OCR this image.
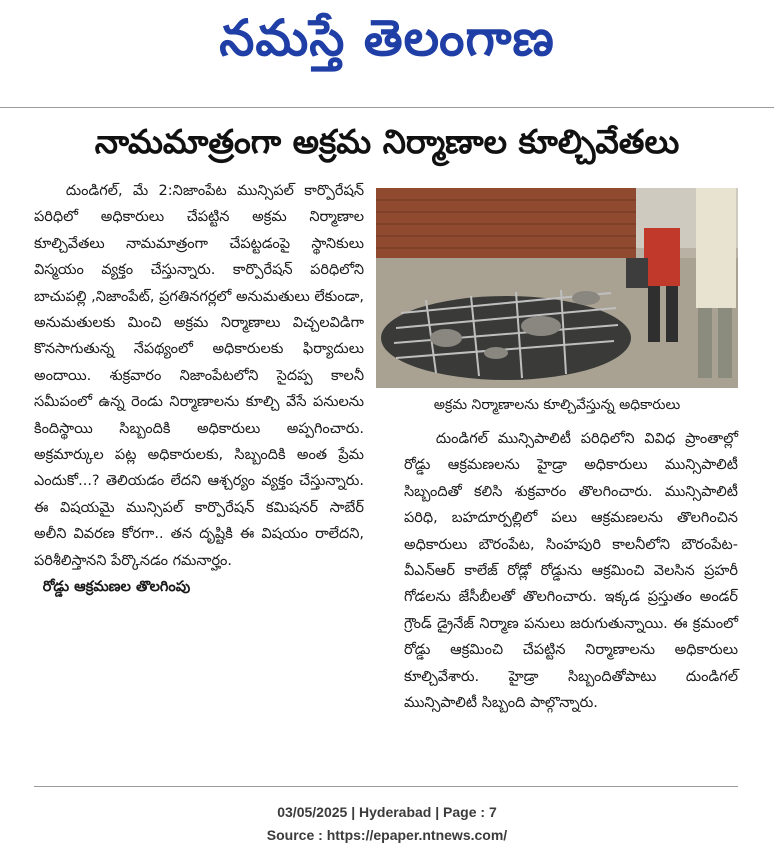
నమస్తే తెలంగాణ
నామమాత్రంగా అక్రమ నిర్మాణాల కూల్చివేతలు
అక్రమ నిర్మాణాలను కూల్చివేస్తున్న అధికారులు

దుండిగల్, మే 2:నిజాంపేట మున్సిపల్ కార్పొరేషన్ పరిధిలో అధికారులు చేపట్టిన అక్రమ నిర్మాణాల కూల్చివేతలు నామమాత్రంగా చేపట్టడంపై స్థానికులు విస్మయం వ్యక్తం చేస్తున్నారు. కార్పొరేషన్ పరిధిలోని బాచుపల్లి ,నిజాంపేట్, ప్రగతినగర్లలో అనుమతులు లేకుండా, అనుమతులకు మించి అక్రమ నిర్మాణాలు విచ్చలవిడిగా కొనసాగుతున్న నేపథ్యంలో అధికారులకు ఫిర్యాదులు అందాయి. శుక్రవారం నిజాంపేటలోని సైదప్ప కాలనీ సమీపంలో ఉన్న రెండు నిర్మాణాలను కూల్చి వేసే పనులను కిందిస్థాయి సిబ్బందికి అధికారులు అప్పగించారు. అక్రమార్కుల పట్ల అధికారులకు, సిబ్బందికి అంత ప్రేమ ఎందుకో...? తెలియడం లేదని ఆశ్చర్యం వ్యక్తం చేస్తున్నారు. ఈ విషయమై మున్సిపల్ కార్పొరేషన్ కమిషనర్ సాబేర్ అలీని వివరణ కోరగా.. తన దృష్టికి ఈ విషయం రాలేదని, పరిశీలిస్తానని పేర్కొనడం గమనార్హం.

రోడ్డు ఆక్రమణల తొలగింపు

దుండిగల్ మున్సిపాలిటీ పరిధిలోని వివిధ ప్రాంతాల్లో రోడ్డు ఆక్రమణలను హైడ్రా అధికారులు మున్సిపాలిటీ సిబ్బందితో కలిసి శుక్రవారం తొలగించారు. మున్సిపాలిటీ పరిధి, బహదూర్పల్లిలో పలు ఆక్రమణలను తొలగించిన అధికారులు బౌరంపేట, సింహపురి కాలనీలోని బౌరంపేట-వీఎన్ఆర్ కాలేజ్ రోడ్లో రోడ్డును ఆక్రమించి వెలసిన ప్రహరీ గోడలను జేసీబీలతో తొలగించారు. ఇక్కడ ప్రస్తుతం అండర్ గ్రౌండ్ డ్రైనేజ్ నిర్మాణ పనులు జరుగుతున్నాయి. ఈ క్రమంలో రోడ్డు ఆక్రమించి చేపట్టిన నిర్మాణాలను అధికారులు కూల్చివేశారు. హైడ్రా సిబ్బందితోపాటు దుండిగల్ మున్సిపాలిటీ సిబ్బంది పాల్గొన్నారు.

03/05/2025 | Hyderabad | Page : 7
Source : https://epaper.ntnews.com/
